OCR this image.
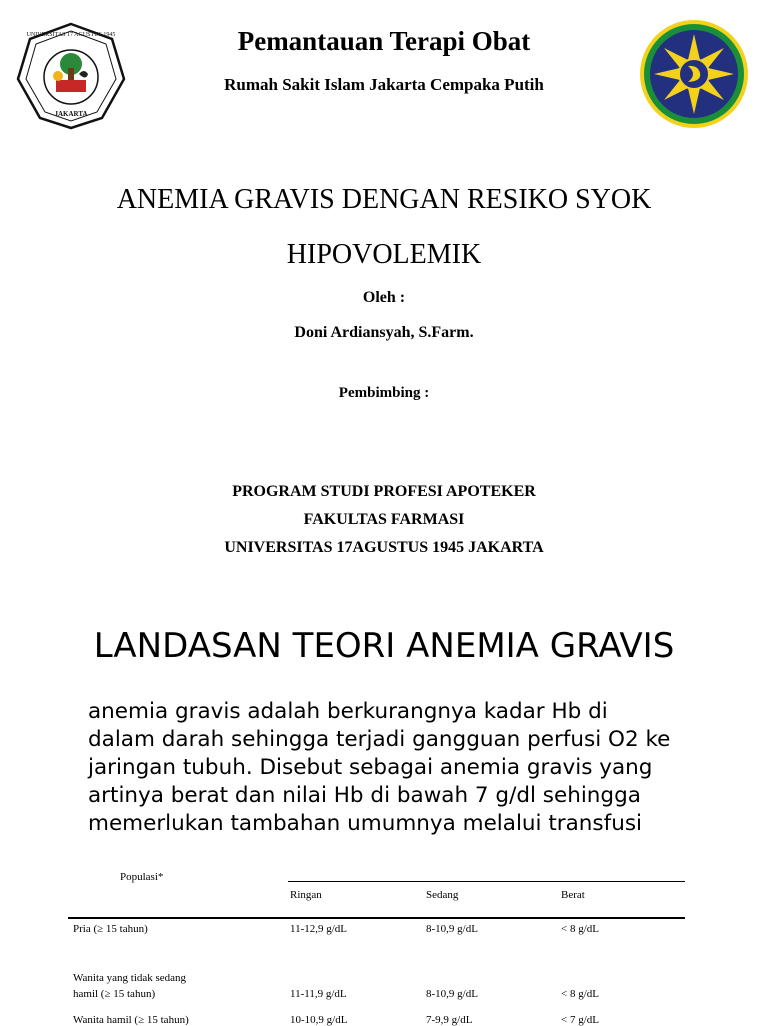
UNIVERSITAS 17 AGUSTUS 1945
JAKARTA
Pemantauan Terapi Obat
Rumah Sakit Islam Jakarta Cempaka Putih
ANEMIA GRAVIS DENGAN RESIKO SYOK
HIPOVOLEMIK
Oleh :
Doni Ardiansyah, S.Farm.
Pembimbing :
PROGRAM STUDI PROFESI APOTEKER
FAKULTAS FARMASI
UNIVERSITAS 17AGUSTUS 1945 JAKARTA
LANDASAN TEORI ANEMIA GRAVIS
anemia gravis adalah berkurangnya kadar Hb di
dalam darah sehingga terjadi gangguan perfusi O2 ke
jaringan tubuh. Disebut sebagai anemia gravis yang
artinya berat dan nilai Hb di bawah 7 g/dl sehingga
memerlukan tambahan umumnya melalui transfusi
Populasi*
Ringan	Sedang	Berat
Pria (≥ 15 tahun)	11-12,9 g/dL	8-10,9 g/dL	< 8 g/dL
Wanita yang tidak sedang
hamil (≥ 15 tahun)	11-11,9 g/dL	8-10,9 g/dL	< 8 g/dL
Wanita hamil (≥ 15 tahun)	10-10,9 g/dL	7-9,9 g/dL	< 7 g/dL
